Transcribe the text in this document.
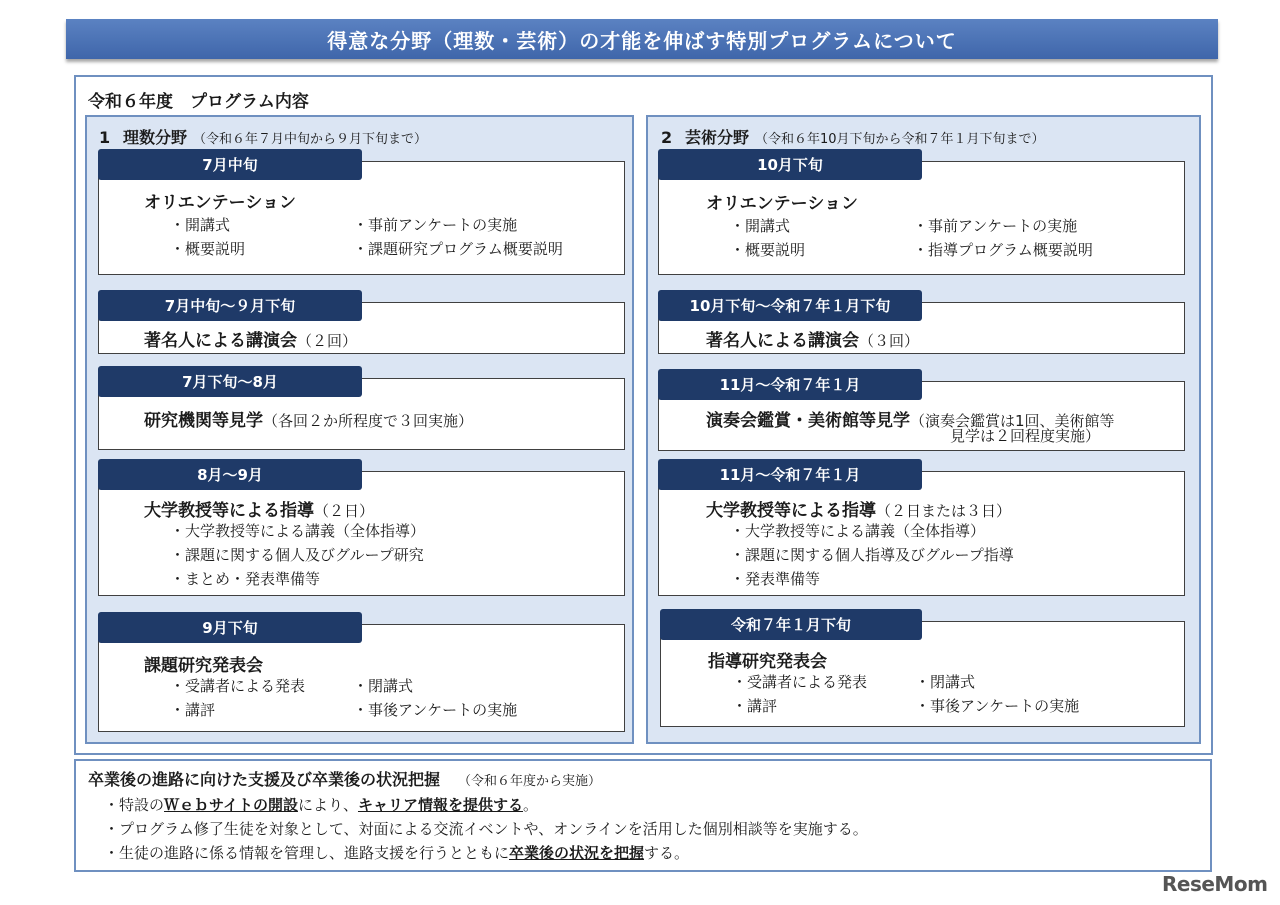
得意な分野（理数・芸術）の才能を伸ばす特別プログラムについて
令和６年度　プログラム内容
1 理数分野 （令和６年７月中旬から９月下旬まで）
7月中旬
オリエンテーション
・開講式	・事前アンケートの実施
・概要説明	・課題研究プログラム概要説明
7月中旬～９月下旬
著名人による講演会（２回）
7月下旬～8月
研究機関等見学（各回２か所程度で３回実施）
8月～9月
大学教授等による指導（２日）
・大学教授等による講義（全体指導）
・課題に関する個人及びグループ研究
・まとめ・発表準備等
9月下旬
課題研究発表会
・受講者による発表	・閉講式
・講評	・事後アンケートの実施
2 芸術分野 （令和６年10月下旬から令和７年１月下旬まで）
10月下旬
オリエンテーション
・開講式	・事前アンケートの実施
・概要説明	・指導プログラム概要説明
10月下旬～令和７年１月下旬
著名人による講演会（３回）
11月～令和７年１月
演奏会鑑賞・美術館等見学（演奏会鑑賞は1回、美術館等
見学は２回程度実施）
11月～令和７年１月
大学教授等による指導（２日または３日）
・大学教授等による講義（全体指導）
・課題に関する個人指導及びグループ指導
・発表準備等
令和７年１月下旬
指導研究発表会
・受講者による発表	・閉講式
・講評	・事後アンケートの実施
卒業後の進路に向けた支援及び卒業後の状況把握 （令和６年度から実施）
・特設のＷｅｂサイトの開設により、キャリア情報を提供する。
・プログラム修了生徒を対象として、対面による交流イベントや、オンラインを活用した個別相談等を実施する。
・生徒の進路に係る情報を管理し、進路支援を行うとともに卒業後の状況を把握する。
ReseMom
